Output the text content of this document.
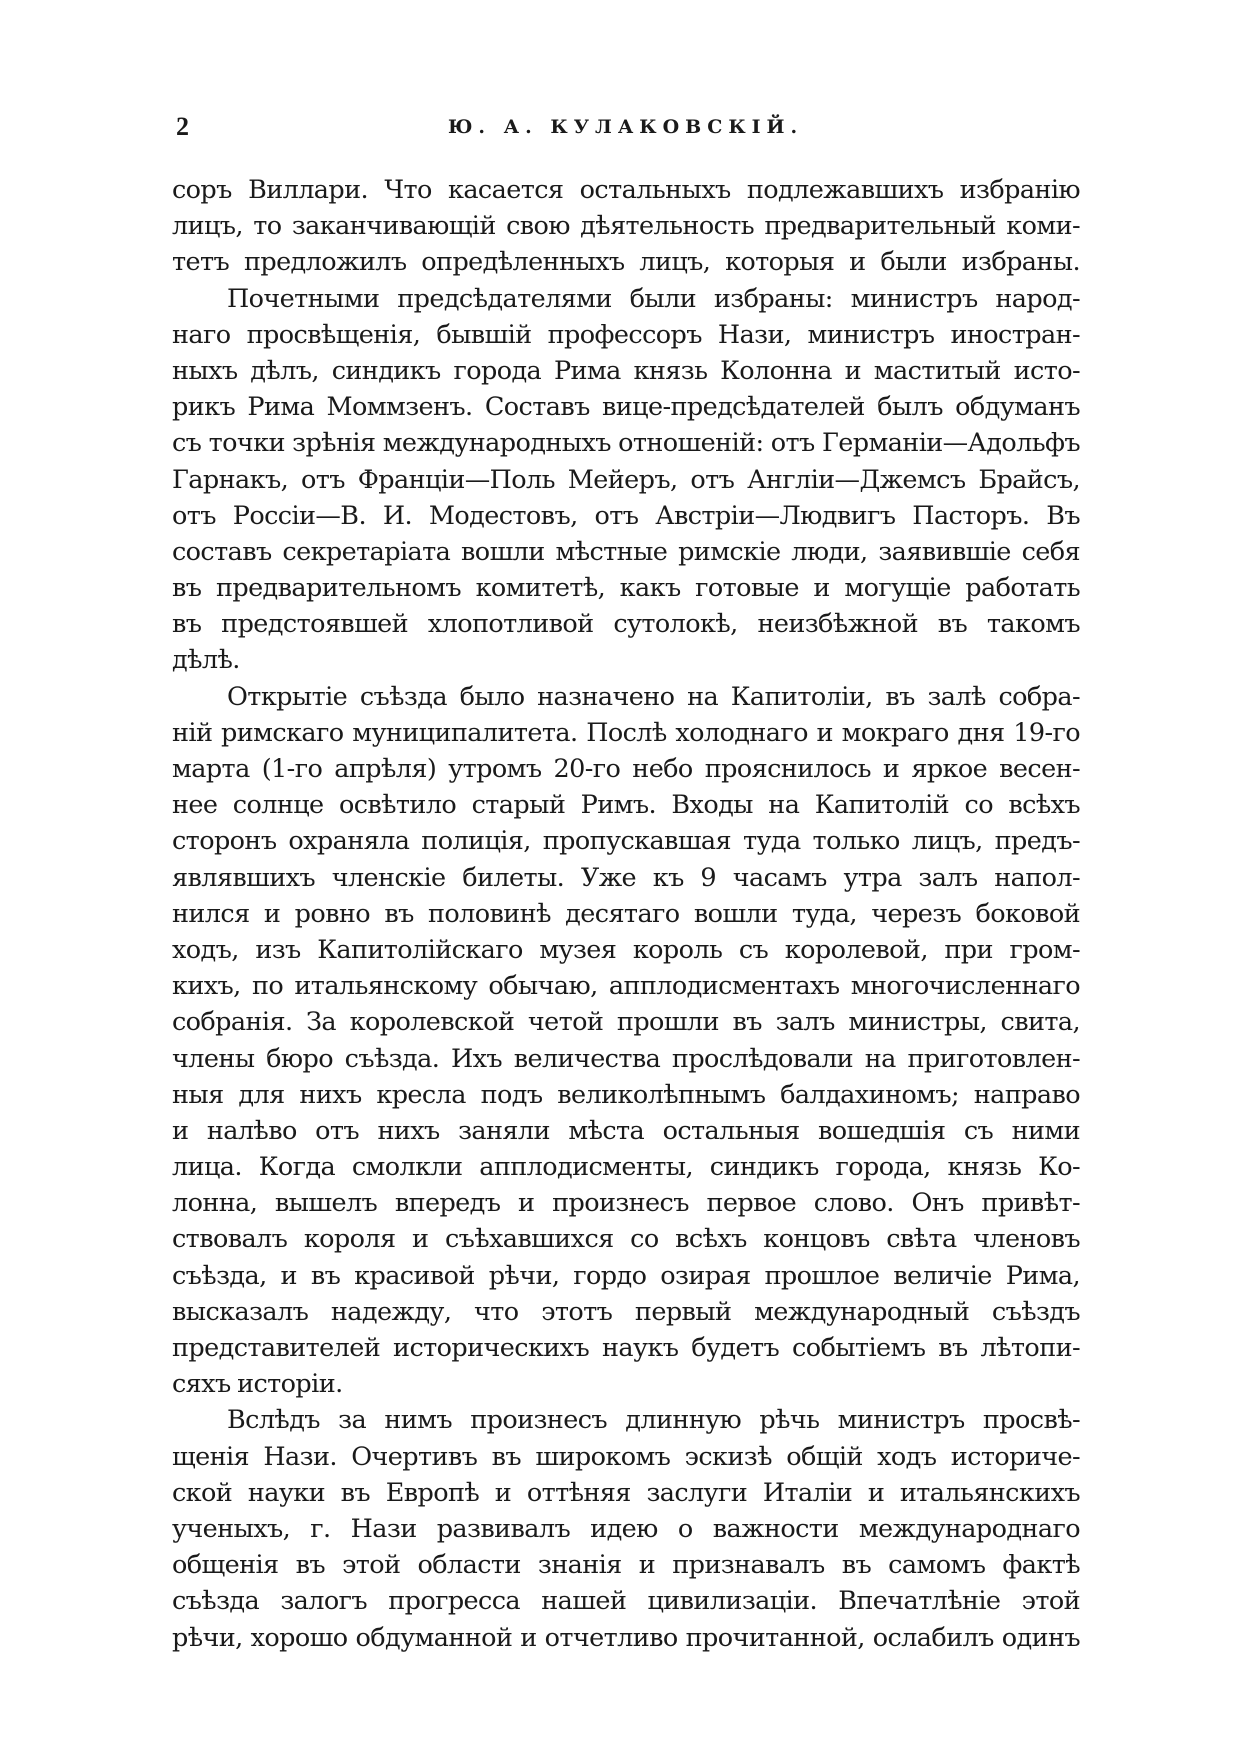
2	Ю. А. КУЛАКОВСКІЙ.
соръ Виллари. Что касается остальныхъ подлежавшихъ избранію
лицъ, то заканчивающій свою дѣятельность предварительный коми-
тетъ предложилъ опредѣленныхъ лицъ, которыя и были избраны.
Почетными предсѣдателями были избраны: министръ народ-
наго просвѣщенія, бывшій профессоръ Нази, министръ иностран-
ныхъ дѣлъ, синдикъ города Рима князь Колонна и маститый исто-
рикъ Рима Моммзенъ. Составъ вице-предсѣдателей былъ обдуманъ
съ точки зрѣнія международныхъ отношеній: отъ Германіи—Адольфъ
Гарнакъ, отъ Франціи—Поль Мейеръ, отъ Англіи—Джемсъ Брайсъ,
отъ Россіи—В. И. Модестовъ, отъ Австріи—Людвигъ Пасторъ. Въ
составъ секретаріата вошли мѣстные римскіе люди, заявившіе себя
въ предварительномъ комитетѣ, какъ готовые и могущіе работать
въ предстоявшей хлопотливой сутолокѣ, неизбѣжной въ такомъ
дѣлѣ.
Открытіе съѣзда было назначено на Капитоліи, въ залѣ собра-
ній римскаго муниципалитета. Послѣ холоднаго и мокраго дня 19-го
марта (1-го апрѣля) утромъ 20-го небо прояснилось и яркое весен-
нее солнце освѣтило старый Римъ. Входы на Капитолій со всѣхъ
сторонъ охраняла полиція, пропускавшая туда только лицъ, предъ-
являвшихъ членскіе билеты. Уже къ 9 часамъ утра залъ напол-
нился и ровно въ половинѣ десятаго вошли туда, черезъ боковой
ходъ, изъ Капитолійскаго музея король съ королевой, при гром-
кихъ, по итальянскому обычаю, апплодисментахъ многочисленнаго
собранія. За королевской четой прошли въ залъ министры, свита,
члены бюро съѣзда. Ихъ величества прослѣдовали на приготовлен-
ныя для нихъ кресла подъ великолѣпнымъ балдахиномъ; направо
и налѣво отъ нихъ заняли мѣста остальныя вошедшія съ ними
лица. Когда смолкли апплодисменты, синдикъ города, князь Ко-
лонна, вышелъ впередъ и произнесъ первое слово. Онъ привѣт-
ствовалъ короля и съѣхавшихся со всѣхъ концовъ свѣта членовъ
съѣзда, и въ красивой рѣчи, гордо озирая прошлое величіе Рима,
высказалъ надежду, что этотъ первый международный съѣздъ
представителей историческихъ наукъ будетъ событіемъ въ лѣтопи-
сяхъ исторіи.
Вслѣдъ за нимъ произнесъ длинную рѣчь министръ просвѣ-
щенія Нази. Очертивъ въ широкомъ эскизѣ общій ходъ историче-
ской науки въ Европѣ и оттѣняя заслуги Италіи и итальянскихъ
ученыхъ, г. Нази развивалъ идею о важности международнаго
общенія въ этой области знанія и признавалъ въ самомъ фактѣ
съѣзда залогъ прогресса нашей цивилизаціи. Впечатлѣніе этой
рѣчи, хорошо обдуманной и отчетливо прочитанной, ослабилъ одинъ
